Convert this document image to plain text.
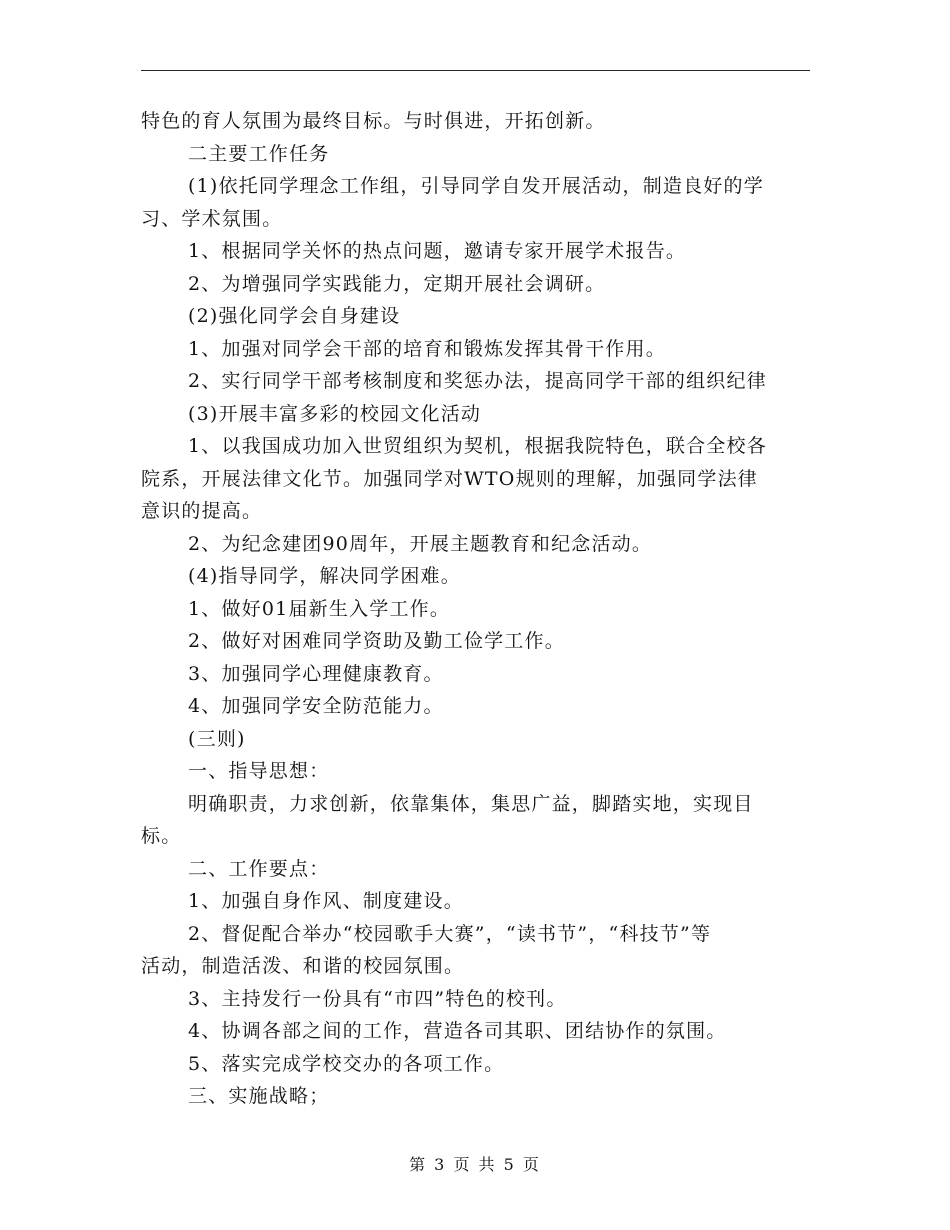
特色的育人氛围为最终目标。与时俱进，开拓创新。
二主要工作任务
(1)依托同学理念工作组，引导同学自发开展活动，制造良好的学
习、学术氛围。
1、根据同学关怀的热点问题，邀请专家开展学术报告。
2、为增强同学实践能力，定期开展社会调研。
(2)强化同学会自身建设
1、加强对同学会干部的培育和锻炼发挥其骨干作用。
2、实行同学干部考核制度和奖惩办法，提高同学干部的组织纪律
(3)开展丰富多彩的校园文化活动
1、以我国成功加入世贸组织为契机，根据我院特色，联合全校各
院系，开展法律文化节。加强同学对WTO规则的理解，加强同学法律
意识的提高。
2、为纪念建团90周年，开展主题教育和纪念活动。
(4)指导同学，解决同学困难。
1、做好01届新生入学工作。
2、做好对困难同学资助及勤工俭学工作。
3、加强同学心理健康教育。
4、加强同学安全防范能力。
(三则)
一、指导思想：
明确职责，力求创新，依靠集体，集思广益，脚踏实地，实现目
标。
二、工作要点：
1、加强自身作风、制度建设。
2、督促配合举办“校园歌手大赛”，“读书节”，“科技节”等
活动，制造活泼、和谐的校园氛围。
3、主持发行一份具有“市四”特色的校刊。
4、协调各部之间的工作，营造各司其职、团结协作的氛围。
5、落实完成学校交办的各项工作。
三、实施战略；
第 3 页 共 5 页
